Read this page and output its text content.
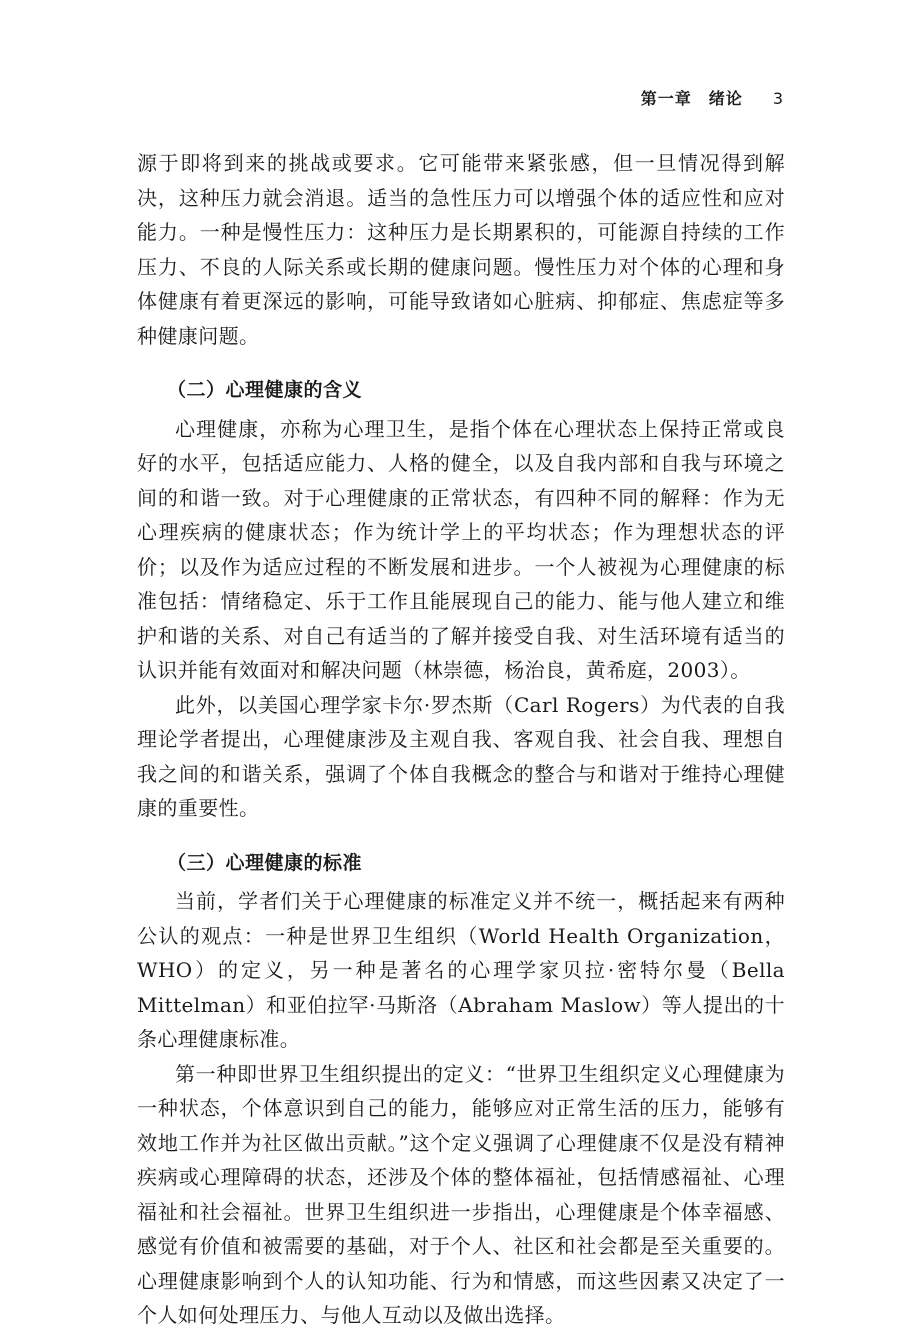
第一章　绪论 3

源于即将到来的挑战或要求。它可能带来紧张感，但一旦情况得到解决，这种压力就会消退。适当的急性压力可以增强个体的适应性和应对能力。一种是慢性压力：这种压力是长期累积的，可能源自持续的工作压力、不良的人际关系或长期的健康问题。慢性压力对个体的心理和身体健康有着更深远的影响，可能导致诸如心脏病、抑郁症、焦虑症等多种健康问题。

（二）心理健康的含义

心理健康，亦称为心理卫生，是指个体在心理状态上保持正常或良好的水平，包括适应能力、人格的健全，以及自我内部和自我与环境之间的和谐一致。对于心理健康的正常状态，有四种不同的解释：作为无心理疾病的健康状态；作为统计学上的平均状态；作为理想状态的评价；以及作为适应过程的不断发展和进步。一个人被视为心理健康的标准包括：情绪稳定、乐于工作且能展现自己的能力、能与他人建立和维护和谐的关系、对自己有适当的了解并接受自我、对生活环境有适当的认识并能有效面对和解决问题（林崇德，杨治良，黄希庭，2003）。

此外，以美国心理学家卡尔·罗杰斯（Carl Rogers）为代表的自我理论学者提出，心理健康涉及主观自我、客观自我、社会自我、理想自我之间的和谐关系，强调了个体自我概念的整合与和谐对于维持心理健康的重要性。

（三）心理健康的标准

当前，学者们关于心理健康的标准定义并不统一，概括起来有两种公认的观点：一种是世界卫生组织（World Health Organization，WHO）的定义，另一种是著名的心理学家贝拉·密特尔曼（Bella Mittelman）和亚伯拉罕·马斯洛（Abraham Maslow）等人提出的十条心理健康标准。

第一种即世界卫生组织提出的定义：“世界卫生组织定义心理健康为一种状态，个体意识到自己的能力，能够应对正常生活的压力，能够有效地工作并为社区做出贡献。”这个定义强调了心理健康不仅是没有精神疾病或心理障碍的状态，还涉及个体的整体福祉，包括情感福祉、心理福祉和社会福祉。世界卫生组织进一步指出，心理健康是个体幸福感、感觉有价值和被需要的基础，对于个人、社区和社会都是至关重要的。心理健康影响到个人的认知功能、行为和情感，而这些因素又决定了一个人如何处理压力、与他人互动以及做出选择。
